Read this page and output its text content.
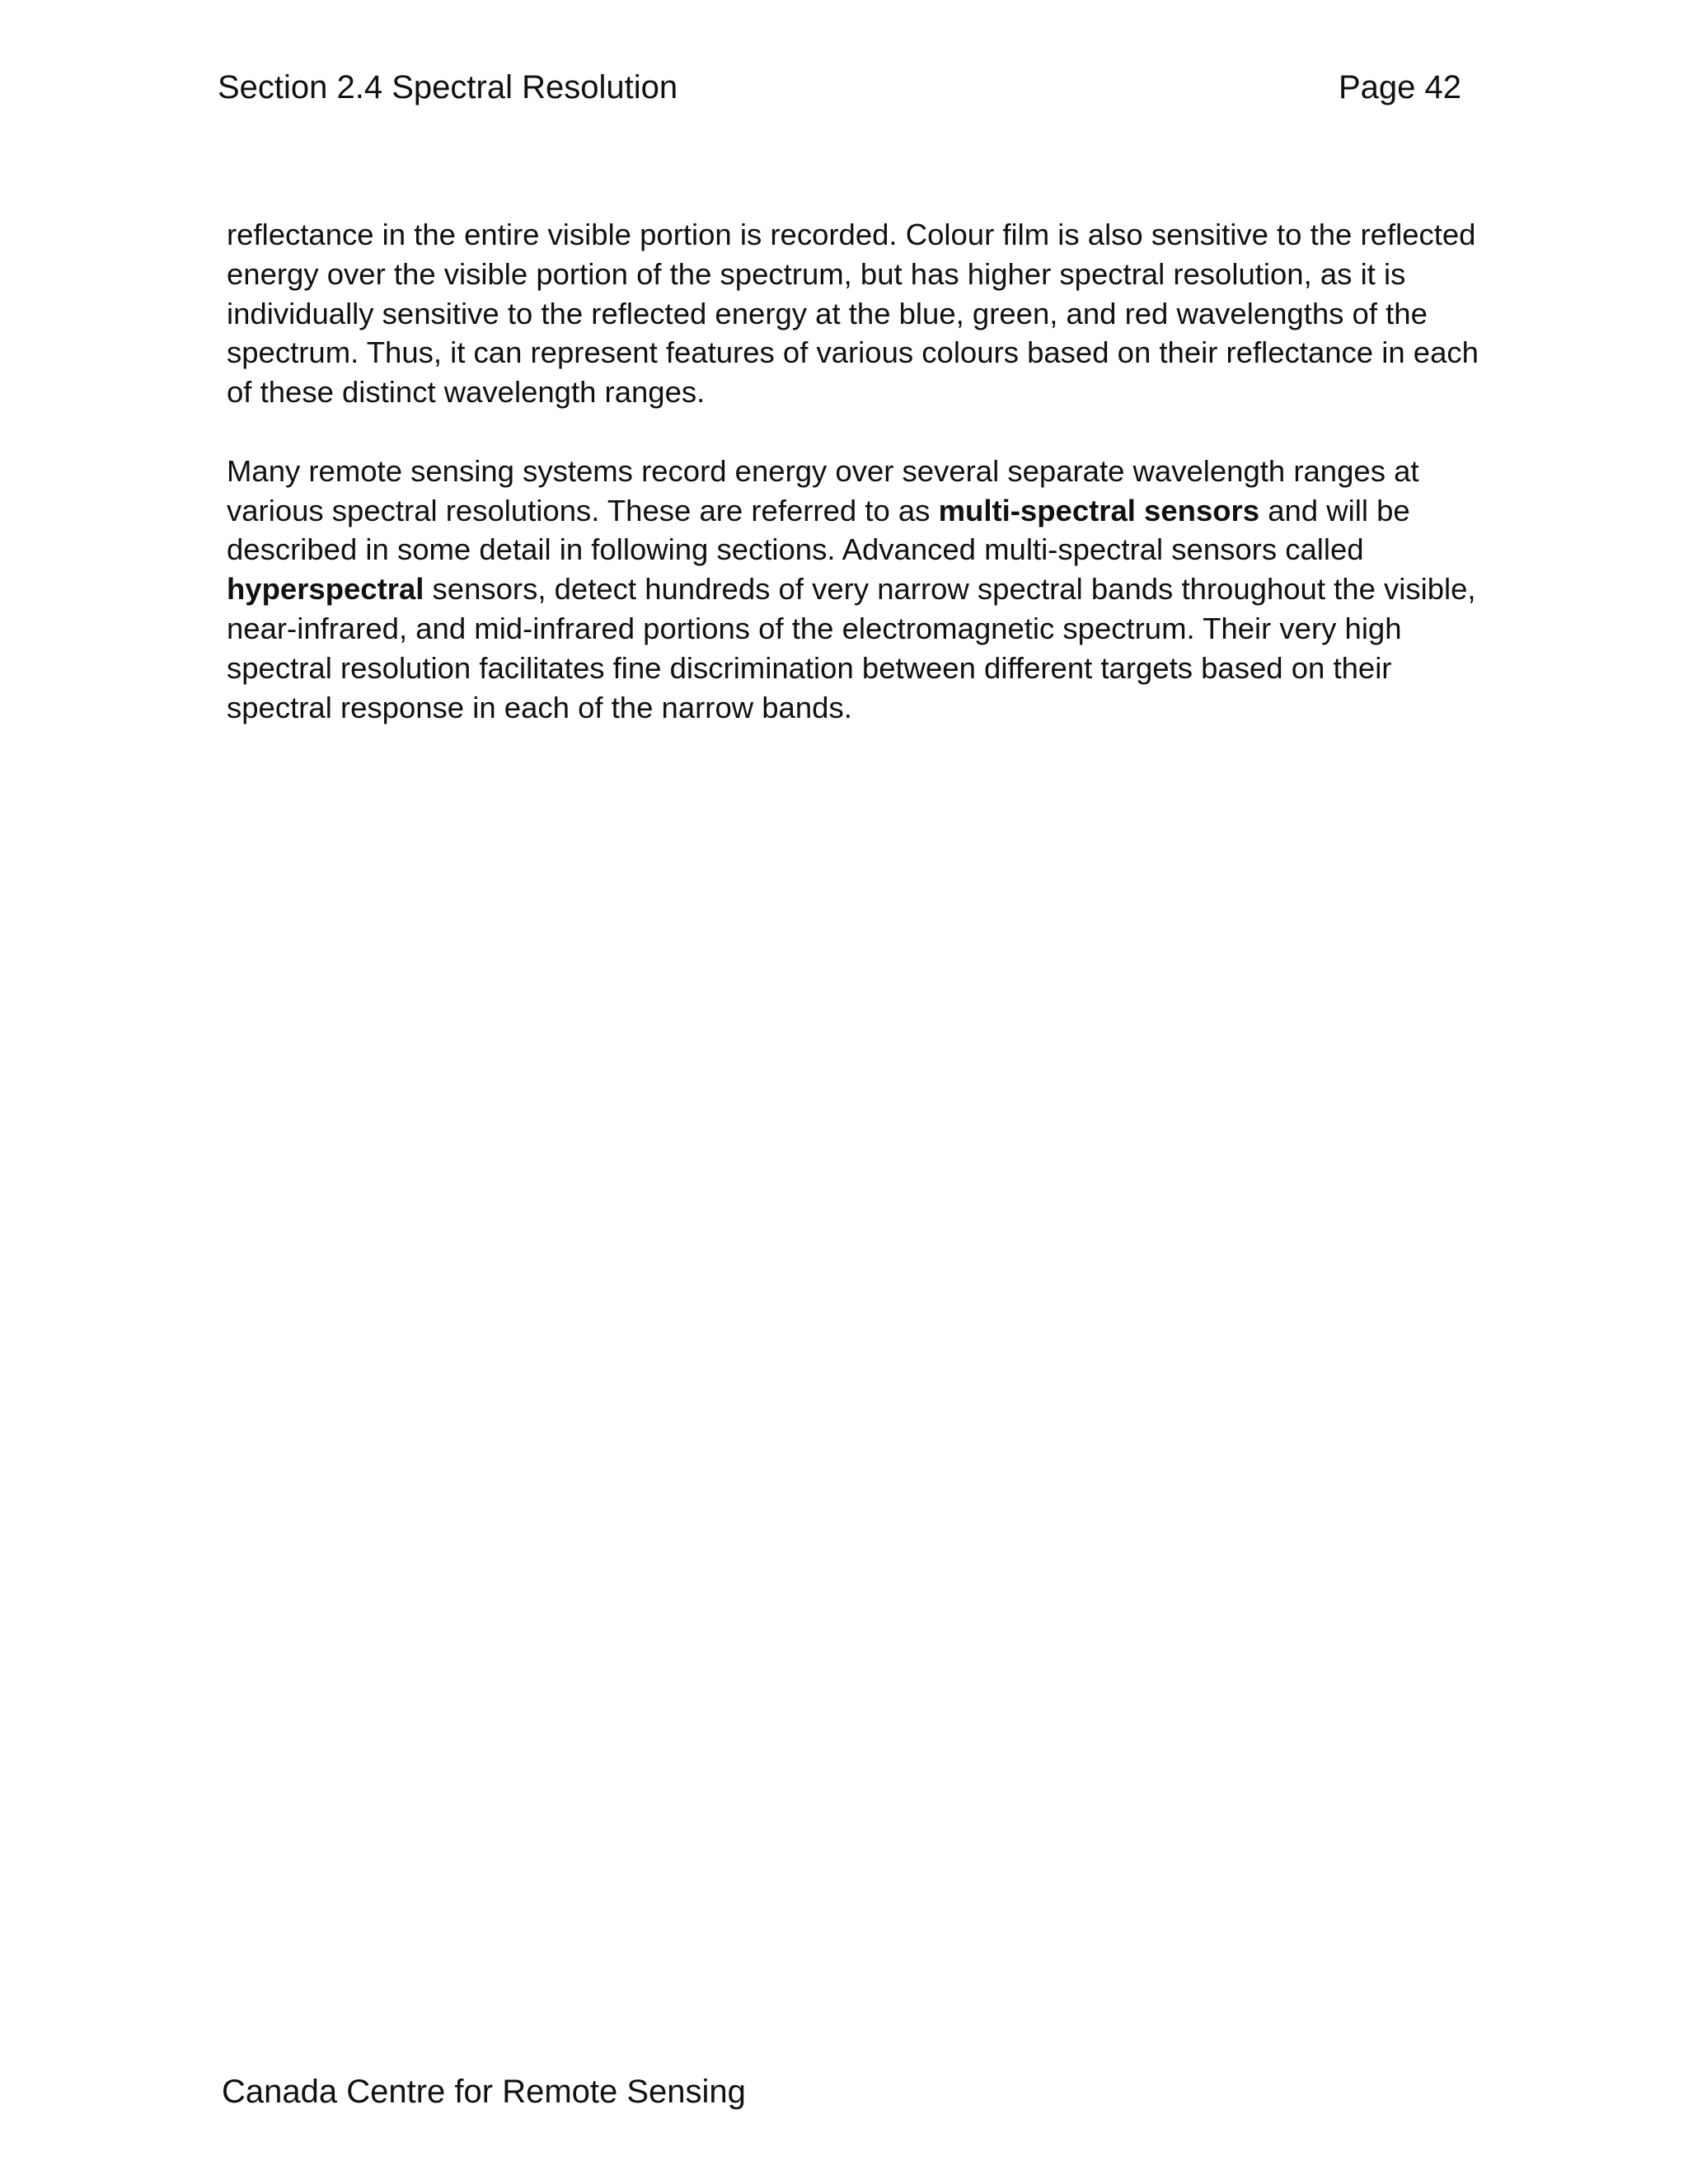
Section 2.4 Spectral Resolution	Page 42

reflectance in the entire visible portion is recorded. Colour film is also sensitive to the reflected energy over the visible portion of the spectrum, but has higher spectral resolution, as it is individually sensitive to the reflected energy at the blue, green, and red wavelengths of the spectrum. Thus, it can represent features of various colours based on their reflectance in each of these distinct wavelength ranges.

Many remote sensing systems record energy over several separate wavelength ranges at various spectral resolutions. These are referred to as multi-spectral sensors and will be described in some detail in following sections. Advanced multi-spectral sensors called hyperspectral sensors, detect hundreds of very narrow spectral bands throughout the visible, near-infrared, and mid-infrared portions of the electromagnetic spectrum. Their very high spectral resolution facilitates fine discrimination between different targets based on their spectral response in each of the narrow bands.

Canada Centre for Remote Sensing
